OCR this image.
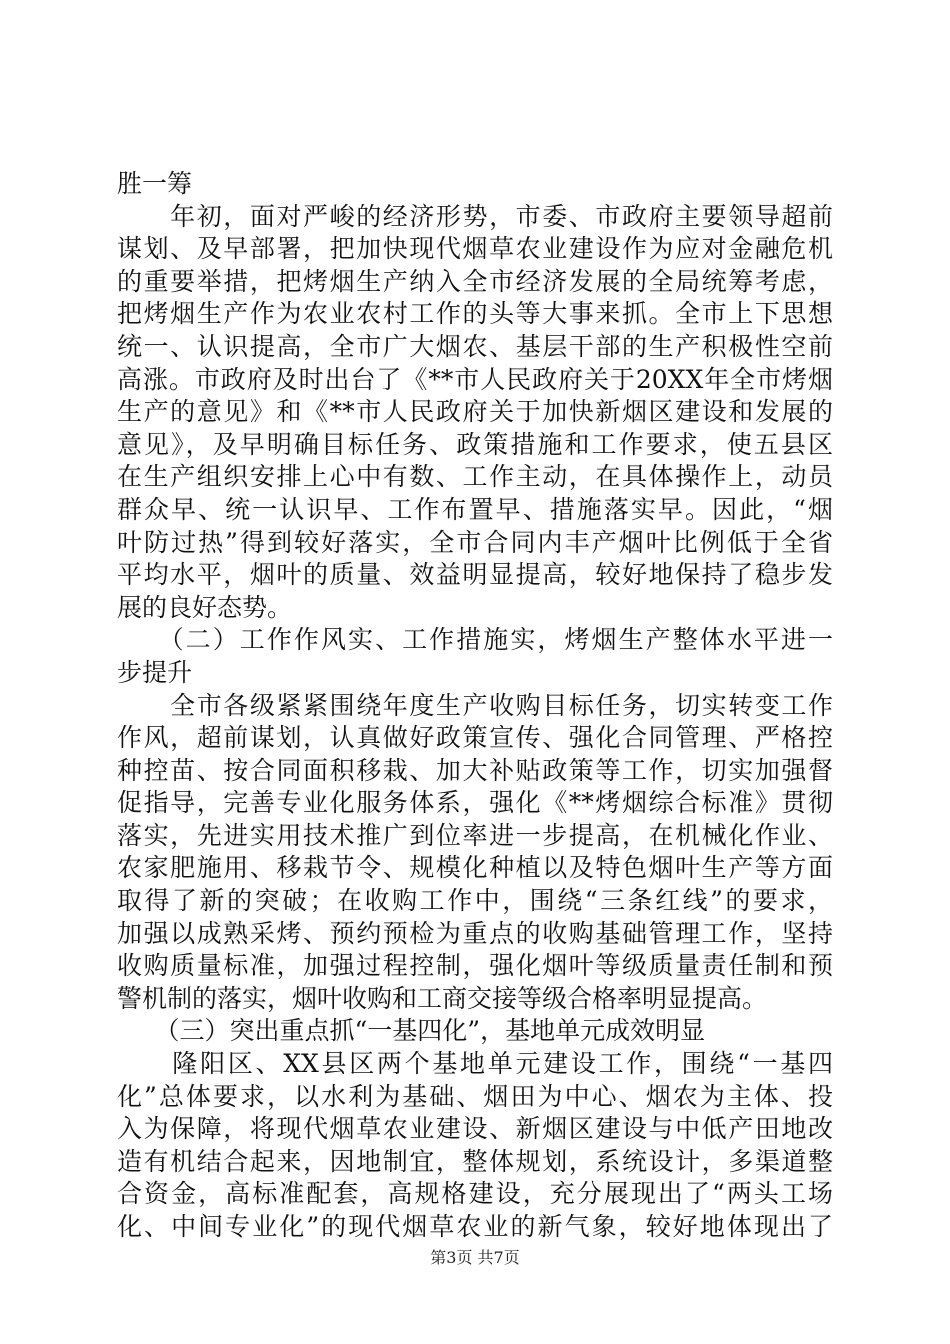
胜一筹
　　年初，面对严峻的经济形势，市委、市政府主要领导超前
谋划、及早部署，把加快现代烟草农业建设作为应对金融危机
的重要举措，把烤烟生产纳入全市经济发展的全局统筹考虑，
把烤烟生产作为农业农村工作的头等大事来抓。全市上下思想
统一、认识提高，全市广大烟农、基层干部的生产积极性空前
高涨。市政府及时出台了《**市人民政府关于20XX年全市烤烟
生产的意见》和《**市人民政府关于加快新烟区建设和发展的
意见》，及早明确目标任务、政策措施和工作要求，使五县区
在生产组织安排上心中有数、工作主动，在具体操作上，动员
群众早、统一认识早、工作布置早、措施落实早。因此，“烟
叶防过热”得到较好落实，全市合同内丰产烟叶比例低于全省
平均水平，烟叶的质量、效益明显提高，较好地保持了稳步发
展的良好态势。
　　（二）工作作风实、工作措施实，烤烟生产整体水平进一
步提升
　　全市各级紧紧围绕年度生产收购目标任务，切实转变工作
作风，超前谋划，认真做好政策宣传、强化合同管理、严格控
种控苗、按合同面积移栽、加大补贴政策等工作，切实加强督
促指导，完善专业化服务体系，强化《**烤烟综合标准》贯彻
落实，先进实用技术推广到位率进一步提高，在机械化作业、
农家肥施用、移栽节令、规模化种植以及特色烟叶生产等方面
取得了新的突破；在收购工作中，围绕“三条红线”的要求，
加强以成熟采烤、预约预检为重点的收购基础管理工作，坚持
收购质量标准，加强过程控制，强化烟叶等级质量责任制和预
警机制的落实，烟叶收购和工商交接等级合格率明显提高。
　　（三）突出重点抓“一基四化”，基地单元成效明显
　　隆阳区、XX县区两个基地单元建设工作，围绕“一基四
化”总体要求，以水利为基础、烟田为中心、烟农为主体、投
入为保障，将现代烟草农业建设、新烟区建设与中低产田地改
造有机结合起来，因地制宜，整体规划，系统设计，多渠道整
合资金，高标准配套，高规格建设，充分展现出了“两头工场
化、中间专业化”的现代烟草农业的新气象，较好地体现出了
第3页 共7页
